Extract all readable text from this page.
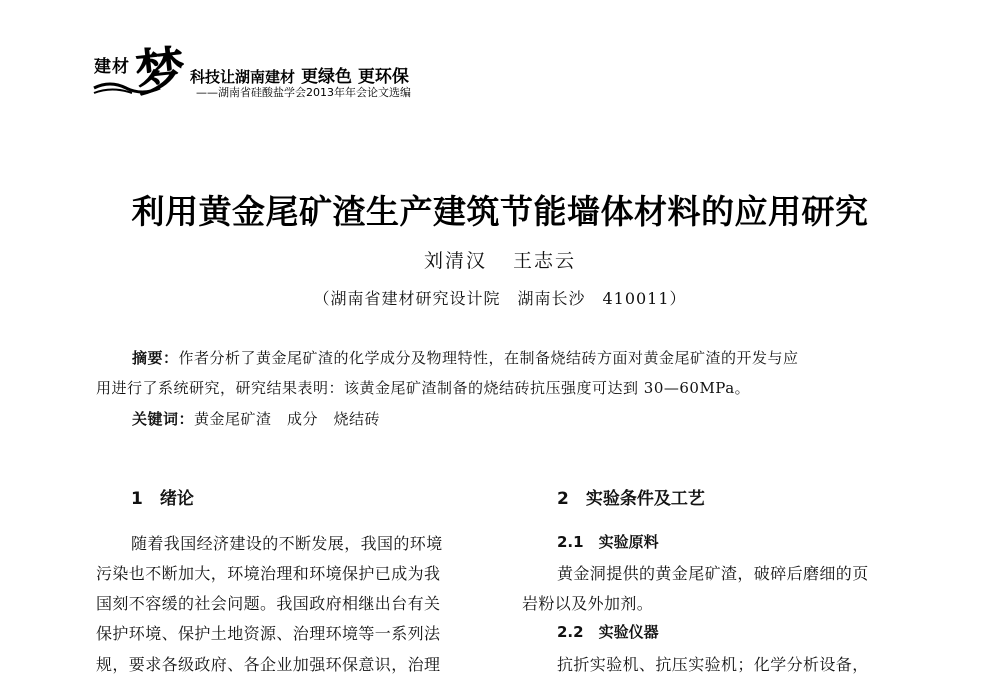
建材 梦 科技让湖南建材 更绿色 更环保
——湖南省硅酸盐学会2013年年会论文选编
利用黄金尾矿渣生产建筑节能墙体材料的应用研究
刘清汉 王志云
（湖南省建材研究设计院　湖南长沙　410011）
摘要：作者分析了黄金尾矿渣的化学成分及物理特性，在制备烧结砖方面对黄金尾矿渣的开发与应
用进行了系统研究，研究结果表明：该黄金尾矿渣制备的烧结砖抗压强度可达到 30—60MPa。
关键词：黄金尾矿渣　成分　烧结砖
1　绪论
随着我国经济建设的不断发展，我国的环境
污染也不断加大，环境治理和环境保护已成为我
国刻不容缓的社会问题。我国政府相继出台有关
保护环境、保护土地资源、治理环境等一系列法
规，要求各级政府、各企业加强环保意识，治理
2　实验条件及工艺
2.1　实验原料
黄金洞提供的黄金尾矿渣，破碎后磨细的页
岩粉以及外加剂。
2.2　实验仪器
抗折实验机、抗压实验机；化学分析设备，
